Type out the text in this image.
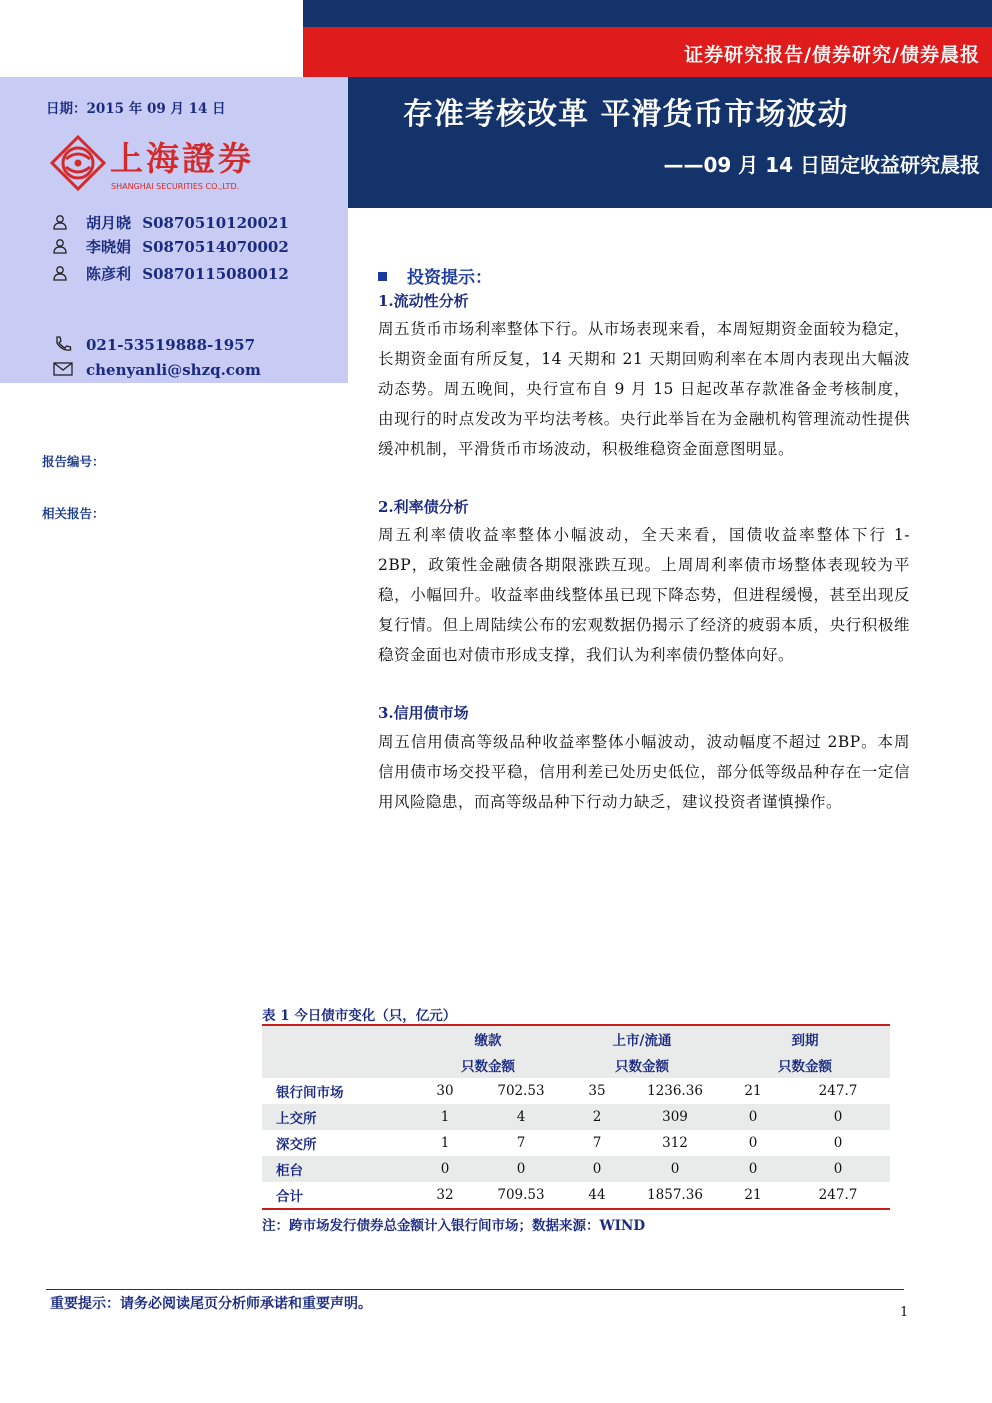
证券研究报告/债券研究/债券晨报
存准考核改革 平滑货币市场波动
——09 月 14 日固定收益研究晨报
日期：2015 年 09 月 14 日
上海證券
SHANGHAI SECURITIES CO.,LTD.
胡月晓 S0870510120021
李晓娟 S0870514070002
陈彦利 S0870115080012
021-53519888-1957
chenyanli@shzq.com
报告编号：
相关报告：
投资提示：
1.流动性分析

周五货币市场利率整体下行。从市场表现来看，本周短期资金面较为稳定，长期资金面有所反复，14 天期和 21 天期回购利率在本周内表现出大幅波动态势。周五晚间，央行宣布自 9 月 15 日起改革存款准备金考核制度，由现行的时点发改为平均法考核。央行此举旨在为金融机构管理流动性提供缓冲机制，平滑货币市场波动，积极维稳资金面意图明显。

2.利率债分析

周五利率债收益率整体小幅波动，全天来看，国债收益率整体下行 1-2BP，政策性金融债各期限涨跌互现。上周周利率债市场整体表现较为平稳，小幅回升。收益率曲线整体虽已现下降态势，但进程缓慢，甚至出现反复行情。但上周陆续公布的宏观数据仍揭示了经济的疲弱本质，央行积极维稳资金面也对债市形成支撑，我们认为利率债仍整体向好。

3.信用债市场

周五信用债高等级品种收益率整体小幅波动，波动幅度不超过 2BP。本周信用债市场交投平稳，信用利差已处历史低位，部分低等级品种存在一定信用风险隐患，而高等级品种下行动力缺乏，建议投资者谨慎操作。

表 1 今日债市变化（只，亿元）
	缴款		上市/流通		到期	
	只数金额		只数金额		只数金额	
银行间市场	30	702.53	35	1236.36	21	247.7
上交所	1	4	2	309	0	0
深交所	1	7	7	312	0	0
柜台	0	0	0	0	0	0
合计	32	709.53	44	1857.36	21	247.7
注：跨市场发行债券总金额计入银行间市场；数据来源：WIND
重要提示：请务必阅读尾页分析师承诺和重要声明。
1
